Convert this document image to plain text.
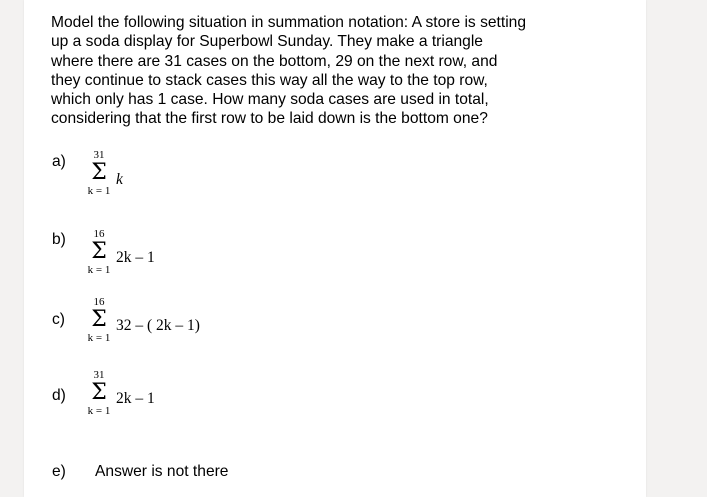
Model the following situation in summation notation: A store is setting
up a soda display for Superbowl Sunday. They make a triangle
where there are 31 cases on the bottom, 29 on the next row, and
they continue to stack cases this way all the way to the top row,
which only has 1 case. How many soda cases are used in total,
considering that the first row to be laid down is the bottom one?
a)	31
Σ
k = 1
k
b)	16
Σ
k = 1
2k – 1
c)
16
Σ
k = 1
32 – ( 2k – 1)
d)
31
Σ
k = 1
2k – 1
e) Answer is not there
